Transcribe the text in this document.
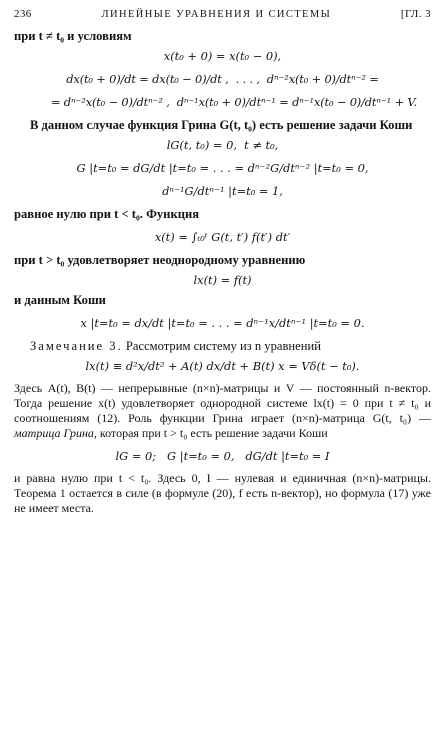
236	ЛИНЕЙНЫЕ УРАВНЕНИЯ И СИСТЕМЫ	[ГЛ. 3

при t ≠ t₀ и условиям

x(t₀ + 0) = x(t₀ − 0),

dx(t₀ + 0)/dt = dx(t₀ − 0)/dt ,  . . . ,  dⁿ⁻²x(t₀ + 0)/dtⁿ⁻² =

= dⁿ⁻²x(t₀ − 0)/dtⁿ⁻² ,  dⁿ⁻¹x(t₀ + 0)/dtⁿ⁻¹ = dⁿ⁻¹x(t₀ − 0)/dtⁿ⁻¹ + V.

В данном случае функция Грина G(t, t₀) есть решение задачи Коши

lG(t, t₀) = 0,  t ≠ t₀,

G |t=t₀ = dG/dt |t=t₀ = . . . = dⁿ⁻²G/dtⁿ⁻² |t=t₀ = 0,

dⁿ⁻¹G/dtⁿ⁻¹ |t=t₀ = 1,

равное нулю при t < t₀. Функция

x(t) = ∫ₜ₀ᵗ G(t, t′) f(t′) dt′

при t > t₀ удовлетворяет неоднородному уравнению

lx(t) = f(t)

и данным Коши

x |t=t₀ = dx/dt |t=t₀ = . . . = dⁿ⁻¹x/dtⁿ⁻¹ |t=t₀ = 0.

Замечание 3. Рассмотрим систему из n уравнений

lx(t) ≡ d²x/dt² + A(t) dx/dt + B(t) x = Vδ(t − t₀).

Здесь A(t), B(t) — непрерывные (n×n)-матрицы и V — постоянный n-вектор. Тогда решение x(t) удовлетворяет однородной системе lx(t) = 0 при t ≠ t₀ и соотношениям (12). Роль функции Грина играет (n×n)-матрица G(t, t₀) — матрица Грина, которая при t > t₀ есть решение задачи Коши

lG = 0;   G |t=t₀ = 0,   dG/dt |t=t₀ = I

и равна нулю при t < t₀. Здесь 0, I — нулевая и единичная (n×n)-матрицы. Теорема 1 остается в силе (в формуле (20), f есть n-вектор), но формула (17) уже не имеет места.
